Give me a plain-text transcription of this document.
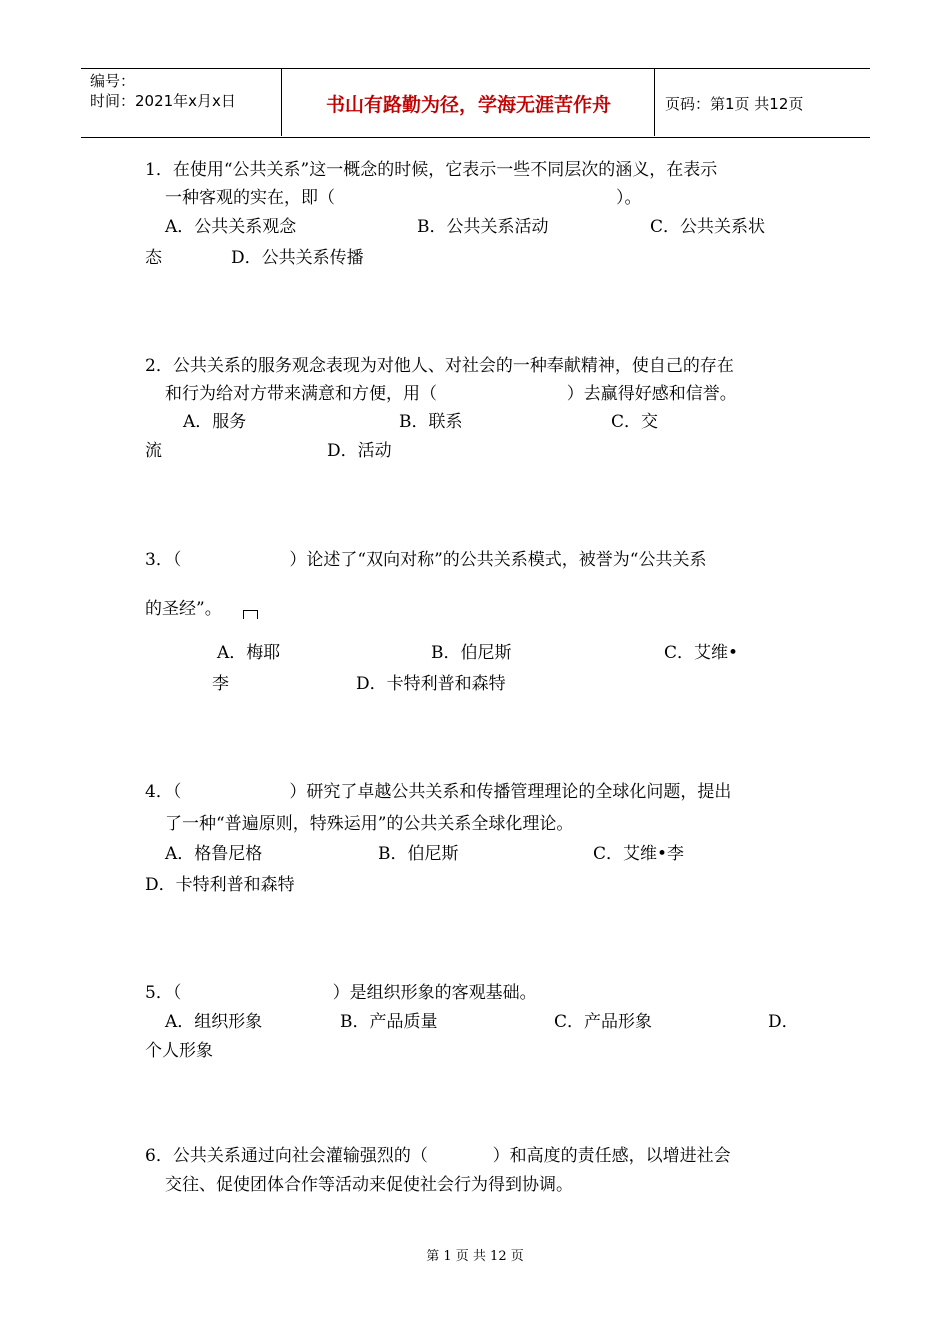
编号：
时间：2021年x月x日	书山有路勤为径，学海无涯苦作舟	页码：第1页 共12页
1．在使用“公共关系”这一概念的时候，它表示一些不同层次的涵义，在表示
一种客观的实在，即（                                                    ）。
A．公共关系观念	B．公共关系活动	C．公共关系状
态	D．公共关系传播
2．公共关系的服务观念表现为对他人、对社会的一种奉献精神，使自己的存在
和行为给对方带来满意和方便，用（                        ）去赢得好感和信誉。
A．服务	B．联系	C．交
流	D．活动
3．（                    ）论述了“双向对称”的公共关系模式，被誉为“公共关系
的圣经”。
A．梅耶	B．伯尼斯	C．艾维•
李	D．卡特利普和森特
4．（                    ）研究了卓越公共关系和传播管理理论的全球化问题，提出
了一种“普遍原则，特殊运用”的公共关系全球化理论。
A．格鲁尼格	B．伯尼斯	C．艾维•李
D．卡特利普和森特
5．（                            ）是组织形象的客观基础。
A．组织形象	B．产品质量	C．产品形象	D．
个人形象
6．公共关系通过向社会灌输强烈的（            ）和高度的责任感，以增进社会
交往、促使团体合作等活动来促使社会行为得到协调。
第 1 页 共 12 页
